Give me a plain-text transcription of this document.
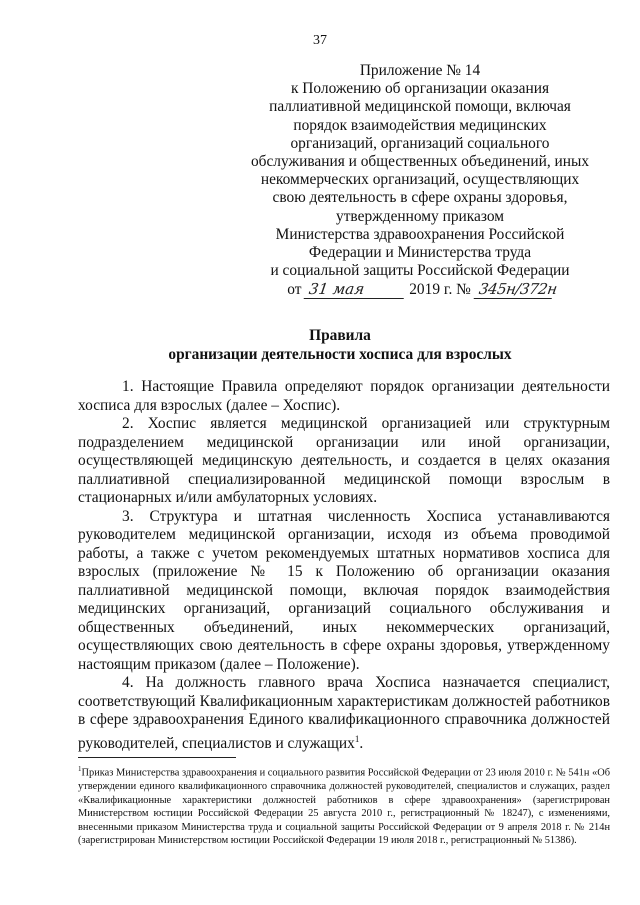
37
Приложение № 14
к Положению об организации оказания
паллиативной медицинской помощи, включая
порядок взаимодействия медицинских
организаций, организаций социального
обслуживания и общественных объединений, иных
некоммерческих организаций, осуществляющих
свою деятельность в сфере охраны здоровья,
утвержденному приказом
Министерства здравоохранения Российской
Федерации и Министерства труда
и социальной защиты Российской Федерации
от 31 мая	2019 г. № 345н/372н
Правила
организации деятельности хосписа для взрослых

1. Настоящие Правила определяют порядок организации деятельности хосписа для взрослых (далее – Хоспис).

2. Хоспис является медицинской организацией или структурным подразделением медицинской организации или иной организации, осуществляющей медицинскую деятельность, и создается в целях оказания паллиативной специализированной медицинской помощи взрослым в стационарных и/или амбулаторных условиях.

3. Структура и штатная численность Хосписа устанавливаются руководителем медицинской организации, исходя из объема проводимой работы, а также с учетом рекомендуемых штатных нормативов хосписа для взрослых (приложение № 15 к Положению об организации оказания паллиативной медицинской помощи, включая порядок взаимодействия медицинских организаций, организаций социального обслуживания и общественных объединений, иных некоммерческих организаций, осуществляющих свою деятельность в сфере охраны здоровья, утвержденному настоящим приказом (далее – Положение).

4. На должность главного врача Хосписа назначается специалист, соответствующий Квалификационным характеристикам должностей работников в сфере здравоохранения Единого квалификационного справочника должностей руководителей, специалистов и служащих$^1$.

$^1$Приказ Министерства здравоохранения и социального развития Российской Федерации от 23 июля 2010 г. № 541н «Об утверждении единого квалификационного справочника должностей руководителей, специалистов и служащих, раздел «Квалификационные характеристики должностей работников в сфере здравоохранения» (зарегистрирован Министерством юстиции Российской Федерации 25 августа 2010 г., регистрационный № 18247), с изменениями, внесенными приказом Министерства труда и социальной защиты Российской Федерации от 9 апреля 2018 г. № 214н (зарегистрирован Министерством юстиции Российской Федерации 19 июля 2018 г., регистрационный № 51386).
